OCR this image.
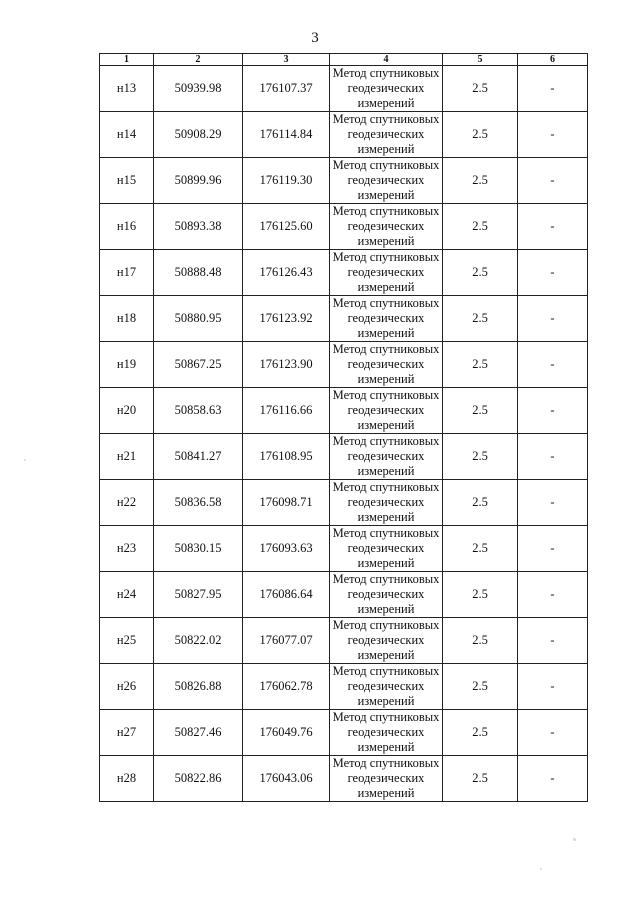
3
1	2	3	4	5	6
н13	50939.98	176107.37	Метод спутниковых геодезических измерений	2.5	-
н14	50908.29	176114.84	Метод спутниковых геодезических измерений	2.5	-
н15	50899.96	176119.30	Метод спутниковых геодезических измерений	2.5	-
н16	50893.38	176125.60	Метод спутниковых геодезических измерений	2.5	-
н17	50888.48	176126.43	Метод спутниковых геодезических измерений	2.5	-
н18	50880.95	176123.92	Метод спутниковых геодезических измерений	2.5	-
н19	50867.25	176123.90	Метод спутниковых геодезических измерений	2.5	-
н20	50858.63	176116.66	Метод спутниковых геодезических измерений	2.5	-
н21	50841.27	176108.95	Метод спутниковых геодезических измерений	2.5	-
н22	50836.58	176098.71	Метод спутниковых геодезических измерений	2.5	-
н23	50830.15	176093.63	Метод спутниковых геодезических измерений	2.5	-
н24	50827.95	176086.64	Метод спутниковых геодезических измерений	2.5	-
н25	50822.02	176077.07	Метод спутниковых геодезических измерений	2.5	-
н26	50826.88	176062.78	Метод спутниковых геодезических измерений	2.5	-
н27	50827.46	176049.76	Метод спутниковых геодезических измерений	2.5	-
н28	50822.86	176043.06	Метод спутниковых геодезических измерений	2.5	-
